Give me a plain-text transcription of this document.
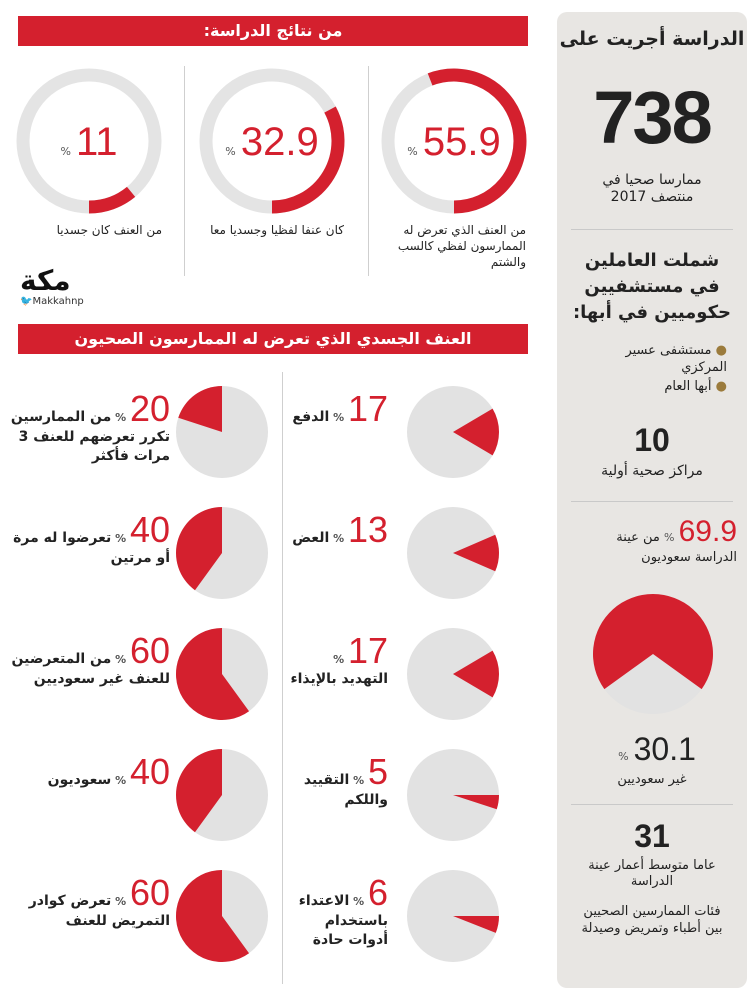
الدراسة أجريت على
738
ممارسا صحيا في
منتصف 2017
شملت العاملين
في مستشفيين
حكوميين في أبها:
● مستشفى عسير المركزي
● أبها العام
10
مراكز صحية أولية
69.9 % من عينة
الدراسة سعوديون
30.1 %
غير سعوديين
31
عاما متوسط أعمار عينة
الدراسة
فئات الممارسين الصحيين
بين أطباء وتمريض وصيدلة
من نتائج الدراسة:
% 55.9
من العنف الذي تعرض له الممارسون لفظي كالسب والشتم
% 32.9
كان عنفا لفظيا وجسديا معا
% 11
من العنف كان جسديا
مكة
🐦Makkahnp
العنف الجسدي الذي تعرض له الممارسون الصحيون
17 % الدفع
13 % العض
17 % التهديد بالإيذاء
5 % التقييد واللكم
6 % الاعتداء باستخدام أدوات حادة
20 % من الممارسين تكرر تعرضهم للعنف 3 مرات فأكثر
40 % تعرضوا له مرة أو مرتين
60 % من المتعرضين للعنف غير سعوديين
40 % سعوديون
60 % تعرض كوادر التمريض للعنف
